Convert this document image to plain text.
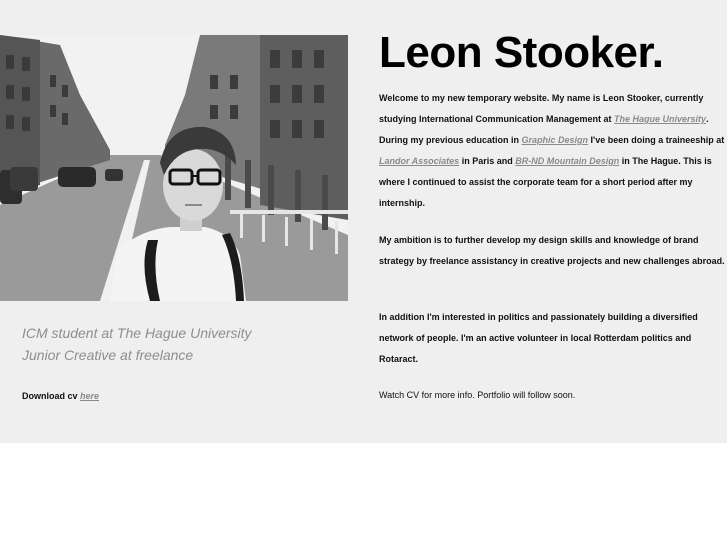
ICM student at The Hague University

Junior Creative at freelance

Download cv here
Leon Stooker.

Welcome to my new temporary website. My name is Leon Stooker, currently studying International Communication Management at The Hague University. During my previous education in Graphic Design I've been doing a traineeship at Landor Associates in Paris and BR-ND Mountain Design in The Hague. This is where I continued to assist the corporate team for a short period after my internship.

My ambition is to further develop my design skills and knowledge of brand strategy by freelance assistancy in creative projects and new challenges abroad.

In addition I'm interested in politics and passionately building a diversified network of people. I'm an active volunteer in local Rotterdam politics and Rotaract.

Watch CV for more info. Portfolio will follow soon.
